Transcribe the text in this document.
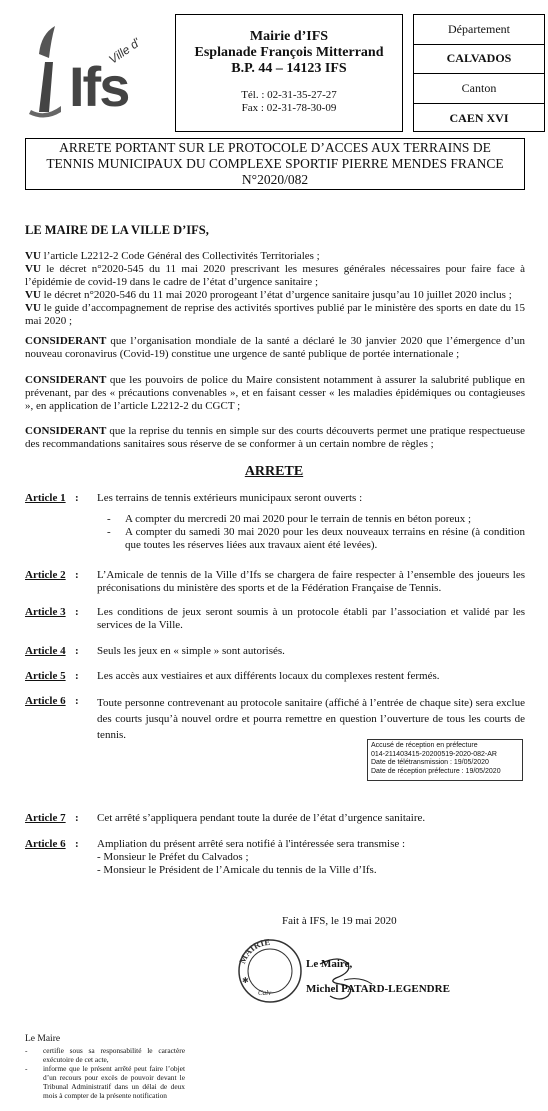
Ifs
Ville d'	Mairie d’IFS
Esplanade François Mitterrand
B.P. 44 – 14123 IFS
Tél. : 02-31-35-27-27
Fax : 02-31-78-30-09
Département
CALVADOS
Canton
CAEN XVI
ARRETE PORTANT SUR LE PROTOCOLE D’ACCES AUX TERRAINS DE
TENNIS MUNICIPAUX DU COMPLEXE SPORTIF PIERRE MENDES FRANCE
N°2020/082
LE MAIRE DE LA VILLE D’IFS,
VU l’article L2212-2 Code Général des Collectivités Territoriales ;
VU le décret n°2020-545 du 11 mai 2020 prescrivant les mesures générales nécessaires pour faire face à l’épidémie de covid-19 dans le cadre de l’état d’urgence sanitaire ;
VU le décret n°2020-546 du 11 mai 2020 prorogeant l’état d’urgence sanitaire jusqu’au 10 juillet 2020 inclus ;
VU le guide d’accompagnement de reprise des activités sportives publié par le ministère des sports en date du 15 mai 2020 ;
CONSIDERANT que l’organisation mondiale de la santé a déclaré le 30 janvier 2020 que l’émergence d’un nouveau coronavirus (Covid-19) constitue une urgence de santé publique de portée internationale ;
CONSIDERANT que les pouvoirs de police du Maire consistent notamment à assurer la salubrité publique en prévenant, par des « précautions convenables », et en faisant cesser « les maladies épidémiques ou contagieuses », en application de l’article L2212-2 du CGCT ;
CONSIDERANT que la reprise du tennis en simple sur des courts découverts permet une pratique respectueuse des recommandations sanitaires sous réserve de se conformer à un certain nombre de règles ;
ARRETE
Article 1 : Les terrains de tennis extérieurs municipaux seront ouverts :
- A compter du mercredi 20 mai 2020 pour le terrain de tennis en béton poreux ;
- A compter du samedi 30 mai 2020 pour les deux nouveaux terrains en résine (à condition que toutes les réserves liées aux travaux aient été levées).
Article 2 : L’Amicale de tennis de la Ville d’Ifs se chargera de faire respecter à l’ensemble des joueurs les préconisations du ministère des sports et de la Fédération Française de Tennis.
Article 3 : Les conditions de jeux seront soumis à un protocole établi par l’association et validé par les services de la Ville.
Article 4 : Seuls les jeux en « simple » sont autorisés.
Article 5 : Les accès aux vestiaires et aux différents locaux du complexes restent fermés.
Article 6 : Toute personne contrevenant au protocole sanitaire (affiché à l’entrée de chaque site) sera exclue des courts jusqu’à nouvel ordre et pourra remettre en question l’ouverture de tous les courts de tennis.
Accusé de réception en préfecture
014-211403415-20200519-2020-082-AR
Date de télétransmission : 19/05/2020
Date de réception préfecture : 19/05/2020
Article 7 : Cet arrêté s’appliquera pendant toute la durée de l’état d’urgence sanitaire.
Article 6 : Ampliation du présent arrêté sera notifié à l'intéressée sera transmise :
- Monsieur le Préfet du Calvados ;
- Monsieur le Président de l’Amicale du tennis de la Ville d’Ifs.
Fait à IFS, le 19 mai 2020
MAIRIE
Calv
✱
Le Maire,
Michel PATARD-LEGENDRE
Le Maire
- certifie sous sa responsabilité le caractère exécutoire de cet acte,
- informe que le présent arrêté peut faire l’objet d’un recours pour excès de pouvoir devant le Tribunal Administratif dans un délai de deux mois à compter de la présente notification
